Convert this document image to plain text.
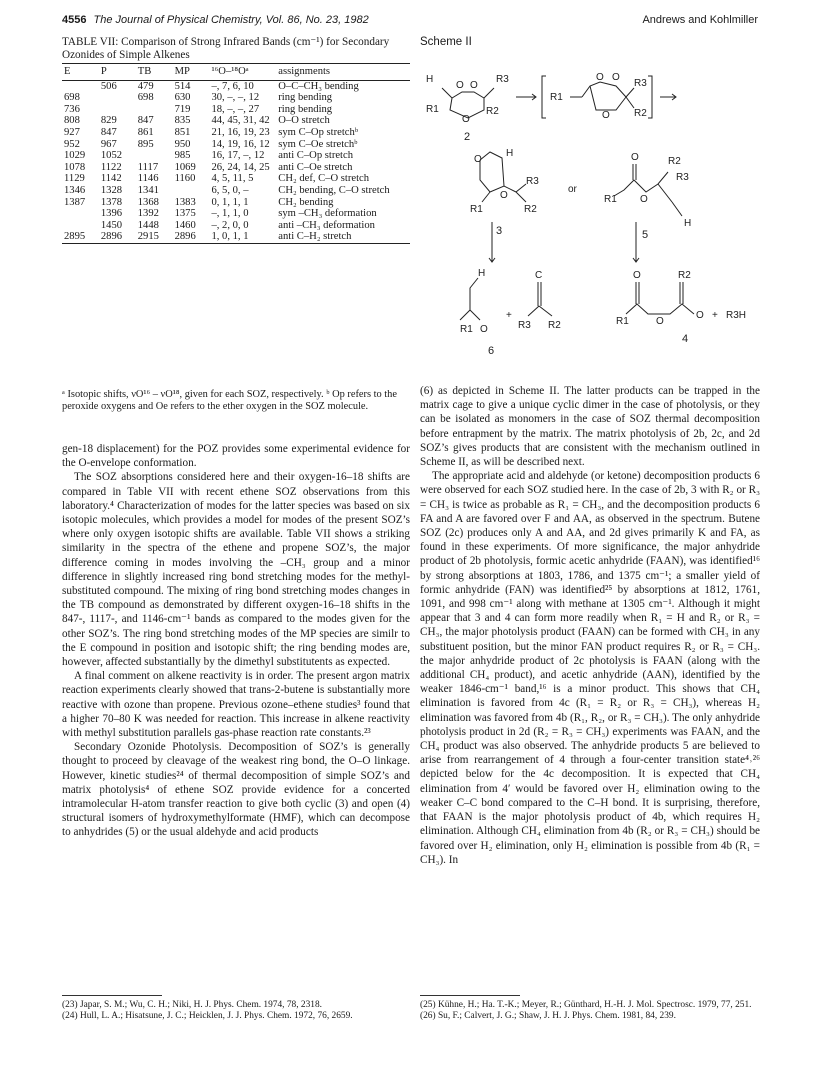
4556 The Journal of Physical Chemistry, Vol. 86, No. 23, 1982	Andrews and Kohlmiller
TABLE VII: Comparison of Strong Infrared Bands (cm⁻¹) for Secondary Ozonides of Simple Alkenes
E	P	TB	MP	¹⁶O–¹⁸Oᵃ	assignments
	506	479	514	–, 7, 6, 10	O–C–CH₃ bending
698		698	630	30, –, –, 12	ring bending
736			719	18, –, –, 27	ring bending
808	829	847	835	44, 45, 31, 42	O–O stretch
927	847	861	851	21, 16, 19, 23	sym C–Op stretchᵇ
952	967	895	950	14, 19, 16, 12	sym C–Oe stretchᵇ
1029	1052		985	16, 17, –, 12	anti C–Op stretch
1078	1122	1117	1069	26, 24, 14, 25	anti C–Oe stretch
1129	1142	1146	1160	4, 5, 11, 5	CH₂ def, C–O stretch
1346	1328	1341		6, 5, 0, –	CH₂ bending, C–O stretch
1387	1378	1368	1383	0, 1, 1, 1	CH₂ bending
	1396	1392	1375	–, 1, 1, 0	sym –CH₃ deformation
	1450	1448	1460	–, 2, 0, 0	anti –CH₃ deformation
2895	2896	2915	2896	1, 0, 1, 1	anti C–H₂ stretch
ᵃ Isotopic shifts, νO¹⁶ – νO¹⁸, given for each SOZ, respectively. ᵇ Op refers to the peroxide oxygens and Oe refers to the ether oxygen in the SOZ molecule.

gen-18 displacement) for the POZ provides some experimental evidence for the O-envelope conformation.

The SOZ absorptions considered here and their oxygen-16–18 shifts are compared in Table VII with recent ethene SOZ observations from this laboratory.⁴ Characterization of modes for the latter species was based on six isotopic molecules, which provides a model for modes of the present SOZ’s where only oxygen isotopic shifts are available. Table VII shows a striking similarity in the spectra of the ethene and propene SOZ’s, the major difference coming in modes involving the –CH₃ group and a minor difference in slightly increased ring bond stretching modes for the methyl-substituted compound. The mixing of ring bond stretching modes changes in the TB compound as demonstrated by different oxygen-16–18 shifts in the 847-, 1117-, and 1146-cm⁻¹ bands as compared to the modes given for the other SOZ’s. The ring bond stretching modes of the MP species are similr to the E compound in position and isotopic shift; the ring bending modes are, however, affected substantially by the dimethyl substitutents as expected.

A final comment on alkene reactivity is in order. The present argon matrix reaction experiments clearly showed that trans-2-butene is substantially more reactive with ozone than propene. Previous ozone–ethene studies³ found that a higher 70–80 K was needed for reaction. This increase in alkene reactivity with methyl substitution parallels gas-phase reaction rate constants.²³

Secondary Ozonide Photolysis. Decomposition of SOZ’s is generally thought to proceed by cleavage of the weakest ring bond, the O–O linkage. However, kinetic studies²⁴ of thermal decomposition of simple SOZ’s and matrix photolysis⁴ of ethene SOZ provide evidence for a concerted intramolecular H-atom transfer reaction to give both cyclic (3) and open (4) structural isomers of hydroxymethylformate (HMF), which can decompose to anhydrides (5) or the usual aldehyde and acid products

Scheme II
H
O O
R3
R1
O
R2
2
R1
O O
O
R3
R2
H
O
O
R1
R3
R2
or
3
O	R2
R3
R1 O
H
5
H
R1 O
+
C
R3 R2
6
O	R2
R1	O
O + R3H
4

(6) as depicted in Scheme II. The latter products can be trapped in the matrix cage to give a unique cyclic dimer in the case of photolysis, or they can be isolated as monomers in the case of SOZ thermal decomposition before entrapment by the matrix. The matrix photolysis of 2b, 2c, and 2d SOZ’s gives products that are consistent with the mechanism outlined in Scheme II, as will be described next.

The appropriate acid and aldehyde (or ketone) decomposition products 6 were observed for each SOZ studied here. In the case of 2b, 3 with R₂ or R₃ = CH₃ is twice as probable as R₁ = CH₃, and the decomposition products 6 FA and A are favored over F and AA, as observed in the spectrum. Butene SOZ (2c) produces only A and AA, and 2d gives primarily K and FA, as found in these experiments. Of more significance, the major anhydride product of 2b photolysis, formic acetic anhydride (FAAN), was identified¹⁶ by strong absorptions at 1803, 1786, and 1375 cm⁻¹; a smaller yield of formic anhydride (FAN) was identified²⁵ by absorptions at 1812, 1761, 1091, and 998 cm⁻¹ along with methane at 1305 cm⁻¹. Although it might appear that 3 and 4 can form more readily when R₁ = H and R₂ or R₃ = CH₃, the major photolysis product (FAAN) can be formed with CH₃ in any substituent position, but the minor FAN product requires R₂ or R₃ = CH₃. the major anhydride product of 2c photolysis is FAAN (along with the additional CH₄ product), and acetic anhydride (AAN), identified by the weaker 1846-cm⁻¹ band,¹⁶ is a minor product. This shows that CH₄ elimination is favored from 4c (R₁ = R₂ or R₃ = CH₃), whereas H₂ elimination was favored from 4b (R₁, R₂, or R₃ = CH₃). The only anhydride photolysis product in 2d (R₂ = R₃ = CH₃) experiments was FAAN, and the CH₄ product was also observed. The anhydride products 5 are believed to arise from rearrangement of 4 through a four-center transition state⁴˒²⁶ depicted below for the 4c decomposition. It is expected that CH₄ elimination from 4′ would be favored over H₂ elimination owing to the weaker C–C bond compared to the C–H bond. It is surprising, therefore, that FAAN is the major photolysis product of 4b, which requires H₂ elimination. Although CH₄ elimination from 4b (R₂ or R₃ = CH₃) should be favored over H₂ elimination, only H₂ elimination is possible from 4b (R₁ = CH₃). In

(23) Japar, S. M.; Wu, C. H.; Niki, H. J. Phys. Chem. 1974, 78, 2318.
(24) Hull, L. A.; Hisatsune, J. C.; Heicklen, J. J. Phys. Chem. 1972, 76, 2659.
(25) Kühne, H.; Ha. T.-K.; Meyer, R.; Günthard, H.-H. J. Mol. Spectrosc. 1979, 77, 251.
(26) Su, F.; Calvert, J. G.; Shaw, J. H. J. Phys. Chem. 1981, 84, 239.
